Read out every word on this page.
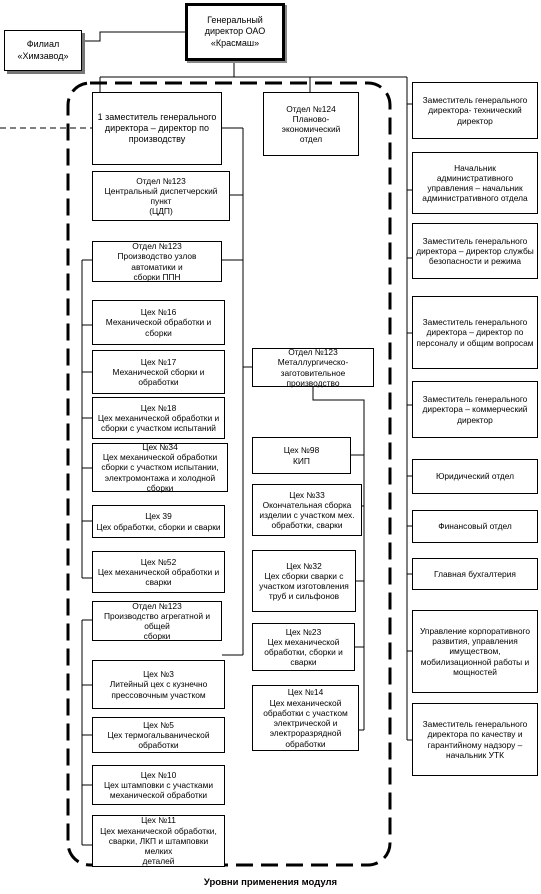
Генеральный
директор ОАО
«Красмаш»
Филиал
«Химзавод»
1 заместитель генерального
директора – директор по
производству
Отдел №124
Планово-экономический
отдел
Отдел №123
Центральный диспетчерский пункт
(ЦДП)
Отдел №123
Производство узлов автоматики и
сборки ППН
Цех №16
Механической обработки и сборки
Цех №17
Механической сборки и обработки
Цех №18
Цех механической обработки и
сборки с участком испытаний
Цех №34
Цех механической обработки
сборки с участком испытании,
электромонтажа и холодной сборки
Цех 39
Цех обработки, сборки и сварки
Цех №52
Цех механической обработки и
сварки
Отдел №123
Производство агрегатной и общей
сборки
Цех №3
Литейный цех с кузнечно
прессовочным участком
Цех №5
Цех термогальванической
обработки
Цех №10
Цех штамповки с участками
механической обработки
Цех №11
Цех механической обработки,
сварки, ЛКП и штамповки мелких
деталей
Отдел №123
Металлургическо-
заготовительное производство
Цех №98
КИП
Цех №33
Окончательная сборка
изделии с участком мех.
обработки, сварки
Цех №32
Цех сборки сварки с
участком изготовления
труб и сильфонов
Цех №23
Цех механической
обработки, сборки и
сварки
Цех №14
Цех механической
обработки с участком
электрической и
электроразрядной
обработки
Заместитель генерального
директора- технический
директор
Начальник
административного
управления – начальник
административного отдела
Заместитель генерального
директора – директор службы
безопасности и режима
Заместитель генерального
директора – директор по
персоналу и общим вопросам
Заместитель генерального
директора – коммерческий
директор
Юридический отдел
Финансовый отдел
Главная бухгалтерия
Управление корпоративного
развития, управления
имуществом,
мобилизационной работы и
мощностей
Заместитель генерального
директора по качеству и
гарантийному надзору –
начальник УТК
Уровни применения модуля
